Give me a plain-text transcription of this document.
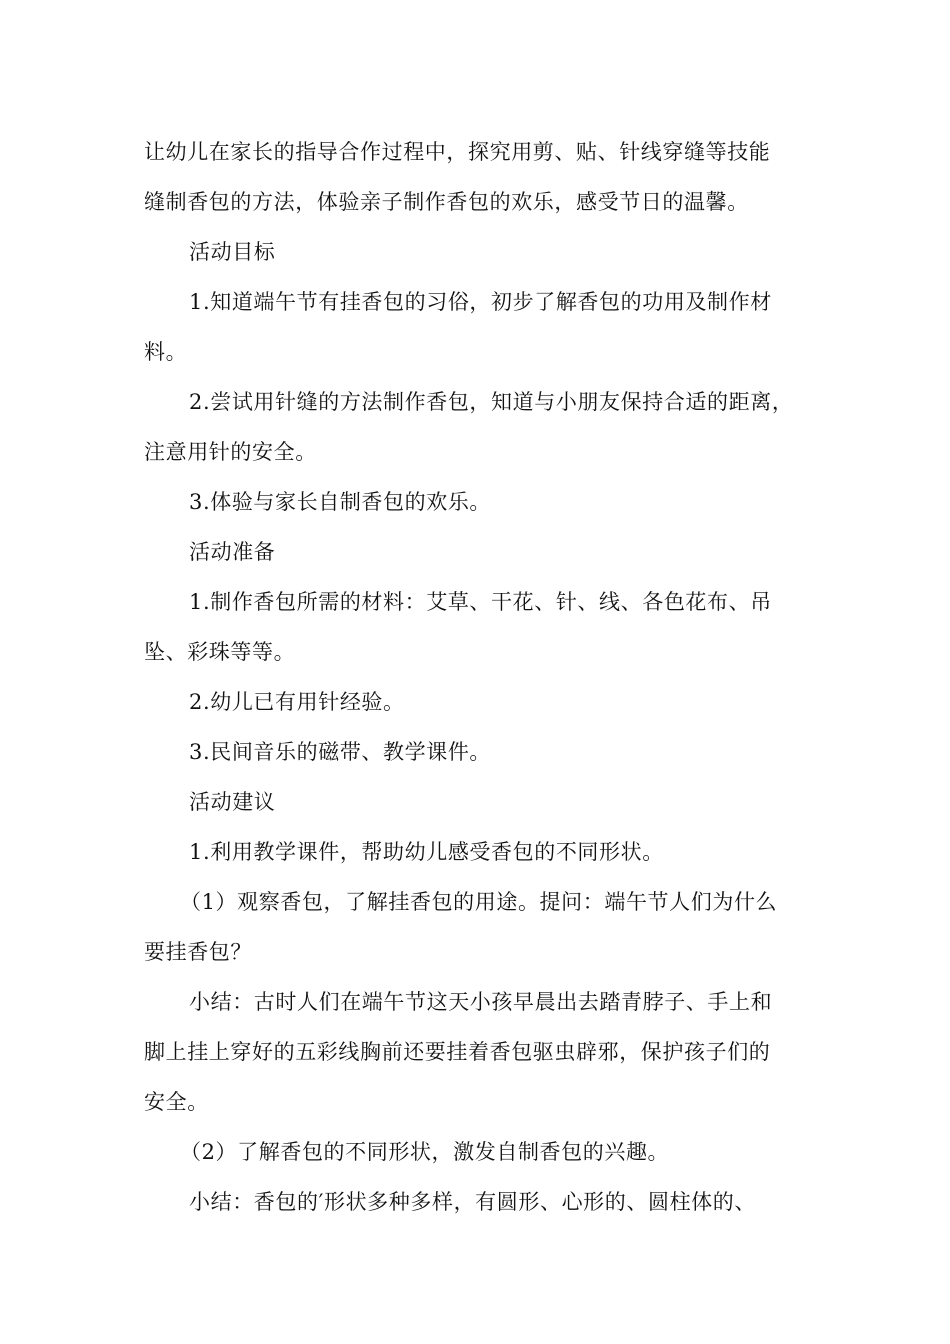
让幼儿在家长的指导合作过程中，探究用剪、贴、针线穿缝等技能
缝制香包的方法，体验亲子制作香包的欢乐，感受节日的温馨。
活动目标
1.知道端午节有挂香包的习俗，初步了解香包的功用及制作材
料。
2.尝试用针缝的方法制作香包，知道与小朋友保持合适的距离，
注意用针的安全。
3.体验与家长自制香包的欢乐。
活动准备
1.制作香包所需的材料：艾草、干花、针、线、各色花布、吊
坠、彩珠等等。
2.幼儿已有用针经验。
3.民间音乐的磁带、教学课件。
活动建议
1.利用教学课件，帮助幼儿感受香包的不同形状。
（1）观察香包，了解挂香包的用途。提问：端午节人们为什么
要挂香包？
小结：古时人们在端午节这天小孩早晨出去踏青脖子、手上和
脚上挂上穿好的五彩线胸前还要挂着香包驱虫辟邪，保护孩子们的
安全。
（2）了解香包的不同形状，激发自制香包的兴趣。
小结：香包的′形状多种多样，有圆形、心形的、圆柱体的、
